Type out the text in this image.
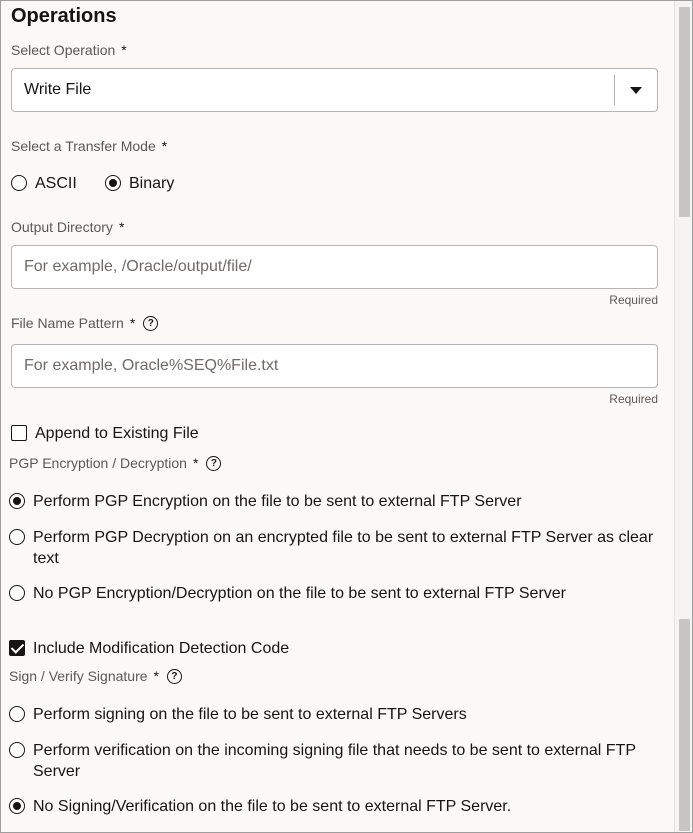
Operations
Select Operation *
Write File
Select a Transfer Mode *
ASCII	Binary
Output Directory *
For example, /Oracle/output/file/
Required
File Name Pattern * ?
For example, Oracle%SEQ%File.txt
Required
Append to Existing File
PGP Encryption / Decryption * ?
Perform PGP Encryption on the file to be sent to external FTP Server
Perform PGP Decryption on an encrypted file to be sent to external FTP Server as clear text
No PGP Encryption/Decryption on the file to be sent to external FTP Server
Include Modification Detection Code
Sign / Verify Signature * ?
Perform signing on the file to be sent to external FTP Servers
Perform verification on the incoming signing file that needs to be sent to external FTP Server
No Signing/Verification on the file to be sent to external FTP Server.
